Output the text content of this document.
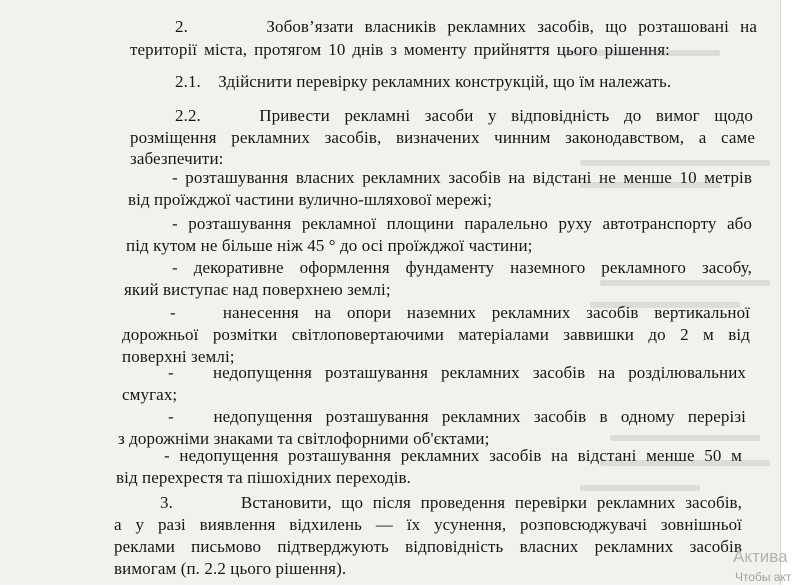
2.       Зобов’язати власників рекламних засобів, що розташовані на
території міста, протягом 10 днів з моменту прийняття цього рішення:
2.1.    Здійснити перевірку рекламних конструкцій, що їм належать.
2.2.    Привести рекламні засоби у відповідність до вимог щодо
розміщення рекламних засобів, визначених чинним законодавством, а саме
забезпечити:
- розташування власних рекламних засобів на відстані не менше 10 метрів
від проїжджої частини вулично-шляхової мережі;
- розташування рекламної площини паралельно руху автотранспорту або
під кутом не більше ніж 45 ° до осі проїжджої частини;
- декоративне оформлення фундаменту наземного рекламного засобу,
який виступає над поверхнею землі;
-   нанесення на опори наземних рекламних засобів вертикальної
дорожньої розмітки світлоповертаючими матеріалами заввишки до 2 м від
поверхні землі;
-   недопущення розташування рекламних засобів на розділювальних
смугах;
-   недопущення розташування рекламних засобів в одному перерізі
з дорожніми знаками та світлофорними об'єктами;
- недопущення розташування рекламних засобів на відстані менше 50 м
від перехрестя та пішохідних переходів.
3.       Встановити, що після проведення перевірки рекламних засобів,
а у разі виявлення відхилень — їх усунення, розповсюджувачі зовнішньої
реклами письмово підтверджують відповідність власних рекламних засобів
вимогам (п. 2.2 цього рішення).
Актива
Чтобы акт
